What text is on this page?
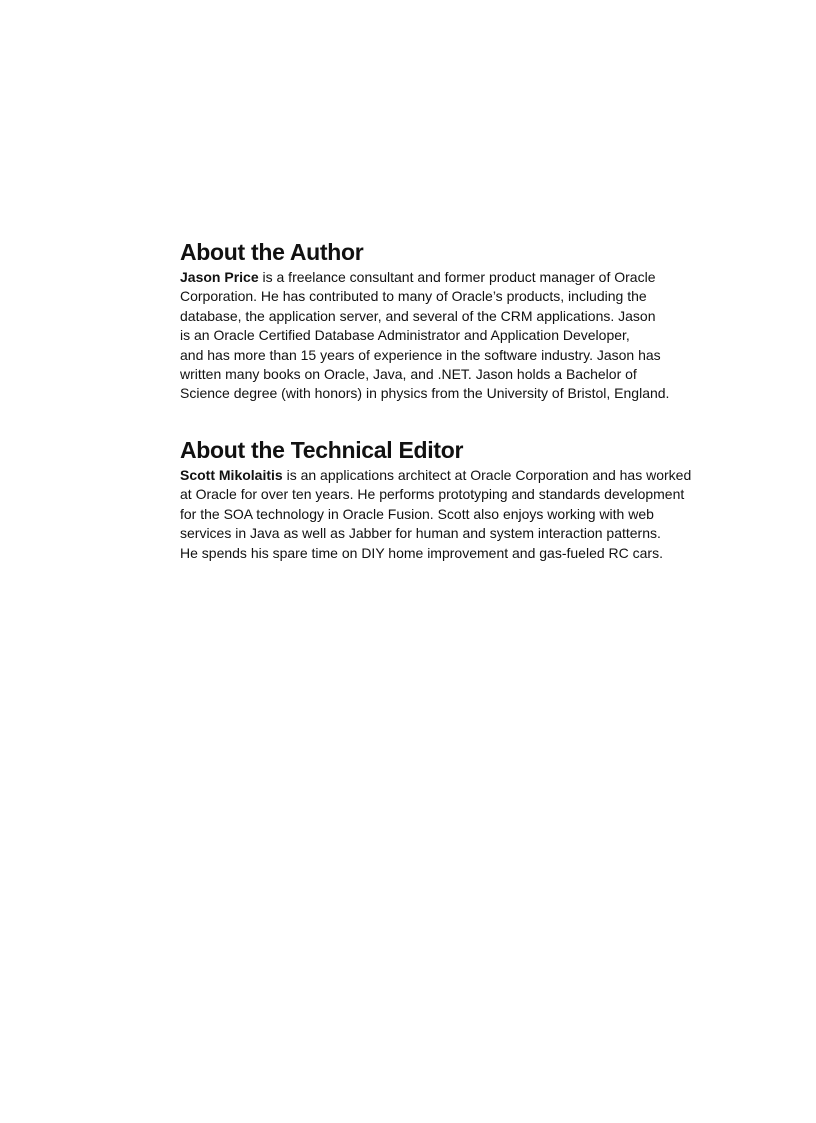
About the Author

Jason Price is a freelance consultant and former product manager of Oracle
Corporation. He has contributed to many of Oracle’s products, including the
database, the application server, and several of the CRM applications. Jason
is an Oracle Certified Database Administrator and Application Developer,
and has more than 15 years of experience in the software industry. Jason has
written many books on Oracle, Java, and .NET. Jason holds a Bachelor of
Science degree (with honors) in physics from the University of Bristol, England.

About the Technical Editor

Scott Mikolaitis is an applications architect at Oracle Corporation and has worked
at Oracle for over ten years. He performs prototyping and standards development
for the SOA technology in Oracle Fusion. Scott also enjoys working with web
services in Java as well as Jabber for human and system interaction patterns.
He spends his spare time on DIY home improvement and gas-fueled RC cars.
